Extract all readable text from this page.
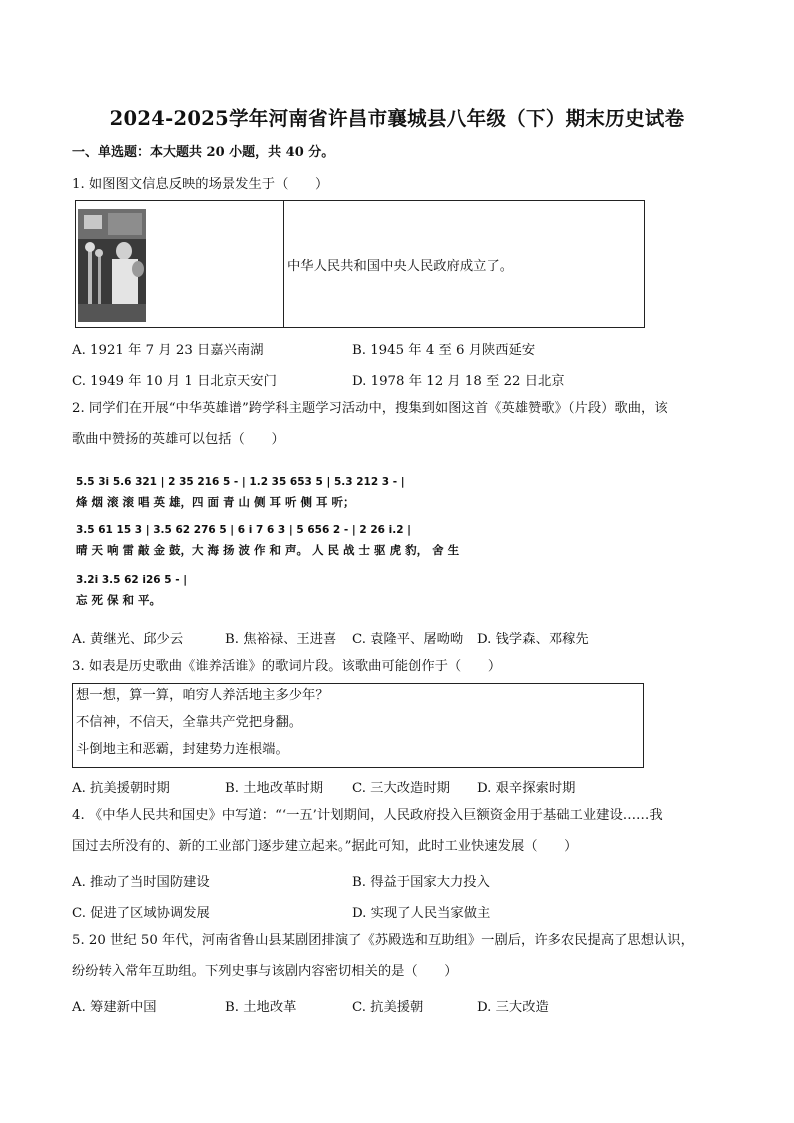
2024-2025学年河南省许昌市襄城县八年级（下）期末历史试卷
一、单选题：本大题共 20 小题，共 40 分。
1. 如图图文信息反映的场景发生于（　　）
	中华人民共和国中央人民政府成立了。
A. 1921 年 7 月 23 日嘉兴南湖	B. 1945 年 4 至 6 月陕西延安
C. 1949 年 10 月 1 日北京天安门	D. 1978 年 12 月 18 至 22 日北京
2. 同学们在开展“中华英雄谱”跨学科主题学习活动中，搜集到如图这首《英雄赞歌》（片段）歌曲，该
歌曲中赞扬的英雄可以包括（　　）
5.5 3i 5.6 321 | 2 35 216 5 - | 1.2 35 653 5 | 5.3 212 3 - |
烽 烟 滚 滚 唱 英 雄，四 面 青 山 侧 耳 听 侧 耳 听；
3.5 61 15 3 | 3.5 62 276 5 | 6 i 7 6 3 | 5 656 2 - | 2 26 i.2 |
晴 天 响 雷 敲 金 鼓，大 海 扬 波 作 和 声。 人 民 战 士 驱 虎 豹， 舍 生
3.2i 3.5 62 i26 5 - |
忘 死 保 和 平。
A. 黄继光、邱少云	B. 焦裕禄、王进喜 C. 袁隆平、屠呦呦 D. 钱学森、邓稼先
3. 如表是历史歌曲《谁养活谁》的歌词片段。该歌曲可能创作于（　　）
想一想，算一算，咱穷人养活地主多少年？
不信神，不信天，全靠共产党把身翻。
斗倒地主和恶霸，封建势力连根端。
A. 抗美援朝时期	B. 土地改革时期 C. 三大改造时期 D. 艰辛探索时期
4. 《中华人民共和国史》中写道：“‘一五’计划期间，人民政府投入巨额资金用于基础工业建设……我
国过去所没有的、新的工业部门逐步建立起来。”据此可知，此时工业快速发展（　　）
A. 推动了当时国防建设	B. 得益于国家大力投入
C. 促进了区域协调发展	D. 实现了人民当家做主
5. 20 世纪 50 年代，河南省鲁山县某剧团排演了《苏殿选和互助组》一剧后，许多农民提高了思想认识，
纷纷转入常年互助组。下列史事与该剧内容密切相关的是（　　）
A. 筹建新中国	B. 土地改革	C. 抗美援朝	D. 三大改造
